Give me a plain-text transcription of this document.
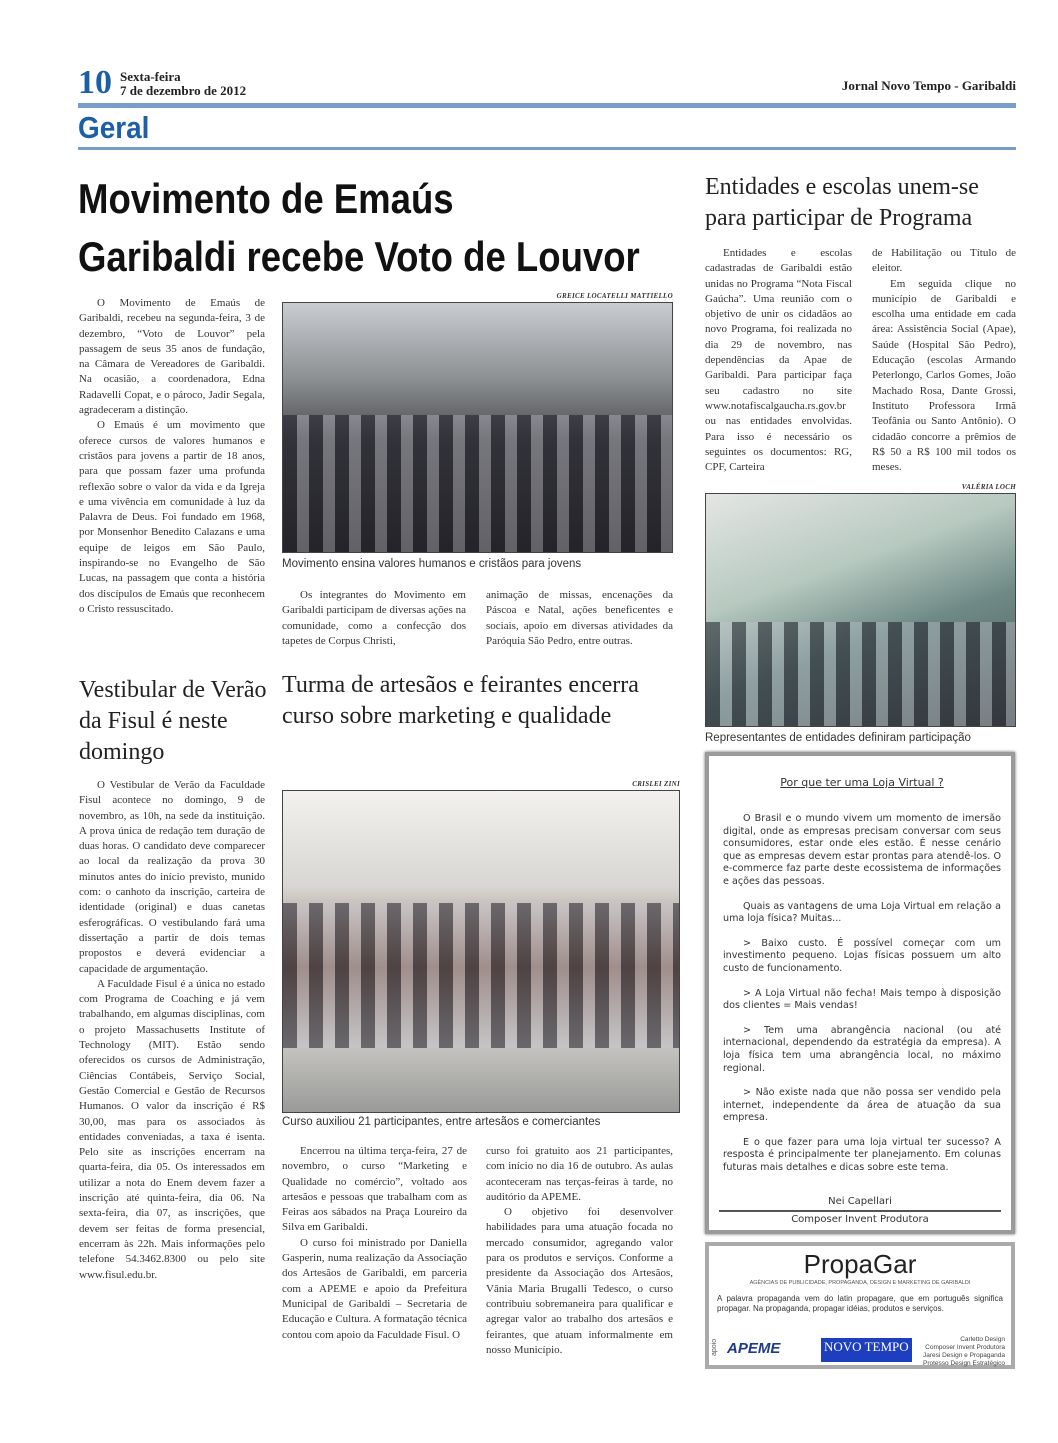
10 Sexta-feira
7 de dezembro de 2012	Jornal Novo Tempo - Garibaldi
Geral
Movimento de Emaús
Garibaldi recebe Voto de Louvor

O Movimento de Emaús de Garibaldi, recebeu na segunda-feira, 3 de dezembro, “Voto de Louvor” pela passagem de seus 35 anos de fundação, na Câmara de Vereadores de Garibaldi. Na ocasião, a coordenadora, Edna Radavelli Copat, e o pároco, Jadir Segala, agradeceram a distinção.

O Emaús é um movimento que oferece cursos de valores humanos e cristãos para jovens a partir de 18 anos, para que possam fazer uma profunda reflexão sobre o valor da vida e da Igreja e uma vivência em comunidade à luz da Palavra de Deus. Foi fundado em 1968, por Monsenhor Benedito Calazans e uma equipe de leigos em São Paulo, inspirando-se no Evangelho de São Lucas, na passagem que conta a história dos discípulos de Emaús que reconhecem o Cristo ressuscitado.

GREICE LOCATELLI MATTIELLO
Movimento ensina valores humanos e cristãos para jovens

Os integrantes do Movimento em Garibaldi participam de diversas ações na comunidade, como a confecção dos tapetes de Corpus Christi,

animação de missas, encenações da Páscoa e Natal, ações beneficentes e sociais, apoio em diversas atividades da Paróquia São Pedro, entre outras.

Entidades e escolas unem-se para participar de Programa

Entidades e escolas cadastradas de Garibaldi estão unidas no Programa “Nota Fiscal Gaúcha”. Uma reunião com o objetivo de unir os cidadãos ao novo Programa, foi realizada no dia 29 de novembro, nas dependências da Apae de Garibaldi. Para participar faça seu cadastro no site www.notafiscalgaucha.rs.gov.br ou nas entidades envolvidas. Para isso é necessário os seguintes os documentos: RG, CPF, Carteira

de Habilitação ou Título de eleitor.

Em seguida clique no município de Garibaldi e escolha uma entidade em cada área: Assistência Social (Apae), Saúde (Hospital São Pedro), Educação (escolas Armando Peterlongo, Carlos Gomes, João Machado Rosa, Dante Grossi, Instituto Professora Irmã Teofânia ou Santo Antônio). O cidadão concorre a prêmios de R$ 50 a R$ 100 mil todos os meses.

VALÉRIA LOCH
Representantes de entidades definiram participação
Vestibular de Verão da Fisul é neste domingo

O Vestibular de Verão da Faculdade Fisul acontece no domingo, 9 de novembro, as 10h, na sede da instituição. A prova única de redação tem duração de duas horas. O candidato deve comparecer ao local da realização da prova 30 minutos antes do início previsto, munido com: o canhoto da inscrição, carteira de identidade (original) e duas canetas esferográficas. O vestibulando fará uma dissertação a partir de dois temas propostos e deverá evidenciar a capacidade de argumentação.

A Faculdade Fisul é a única no estado com Programa de Coaching e já vem trabalhando, em algumas disciplinas, com o projeto Massachusetts Institute of Technology (MIT). Estão sendo oferecidos os cursos de Administração, Ciências Contábeis, Serviço Social, Gestão Comercial e Gestão de Recursos Humanos. O valor da inscrição é R$ 30,00, mas para os associados às entidades conveniadas, a taxa é isenta. Pelo site as inscrições encerram na quarta-feira, dia 05. Os interessados em utilizar a nota do Enem devem fazer a inscrição até quinta-feira, dia 06. Na sexta-feira, dia 07, as inscrições, que devem ser feitas de forma presencial, encerram às 22h. Mais informações pelo telefone 54.3462.8300 ou pelo site www.fisul.edu.br.

Turma de artesãos e feirantes encerra curso sobre marketing e qualidade
CRISLEI ZINI
Curso auxiliou 21 participantes, entre artesãos e comerciantes

Encerrou na última terça-feira, 27 de novembro, o curso “Marketing e Qualidade no comércio”, voltado aos artesãos e pessoas que trabalham com as Feiras aos sábados na Praça Loureiro da Silva em Garibaldi.

O curso foi ministrado por Daniella Gasperin, numa realização da Associação dos Artesãos de Garibaldi, em parceria com a APEME e apoio da Prefeitura Municipal de Garibaldi – Secretaria de Educação e Cultura. A formatação técnica contou com apoio da Faculdade Fisul. O

curso foi gratuito aos 21 participantes, com início no dia 16 de outubro. As aulas aconteceram nas terças-feiras à tarde, no auditório da APEME.

O objetivo foi desenvolver habilidades para uma atuação focada no mercado consumidor, agregando valor para os produtos e serviços. Conforme a presidente da Associação dos Artesãos, Vânia Maria Brugalli Tedesco, o curso contribuiu sobremaneira para qualificar e agregar valor ao trabalho dos artesãos e feirantes, que atuam informalmente em nosso Município.

Por que ter uma Loja Virtual ?

O Brasil e o mundo vivem um momento de imersão digital, onde as empresas precisam conversar com seus consumidores, estar onde eles estão. É nesse cenário que as empresas devem estar prontas para atendê-los. O e-commerce faz parte deste ecossistema de informações e ações das pessoas.

Quais as vantagens de uma Loja Virtual em relação a uma loja física? Muitas...

> Baixo custo. É possível começar com um investimento pequeno. Lojas físicas possuem um alto custo de funcionamento.

> A Loja Virtual não fecha! Mais tempo à disposição dos clientes = Mais vendas!

> Tem uma abrangência nacional (ou até internacional, dependendo da estratégia da empresa). A loja física tem uma abrangência local, no máximo regional.

> Não existe nada que não possa ser vendido pela internet, independente da área de atuação da sua empresa.

E o que fazer para uma loja virtual ter sucesso? A resposta é principalmente ter planejamento. Em colunas futuras mais detalhes e dicas sobre este tema.

Nei Capellari
Composer Invent Produtora
PropaGar
AGÊNCIAS DE PUBLICIDADE, PROPAGANDA, DESIGN E MARKETING DE GARIBALDI
A palavra propaganda vem do latin propagare, que em português significa propagar. Na propaganda, propagar idéias, produtos e serviços.
apoio APEME	NOVO TEMPO	Carletto Design
Composer Invent Produtora
Jaresi Design e Propaganda
Protesso Design Estratégico
